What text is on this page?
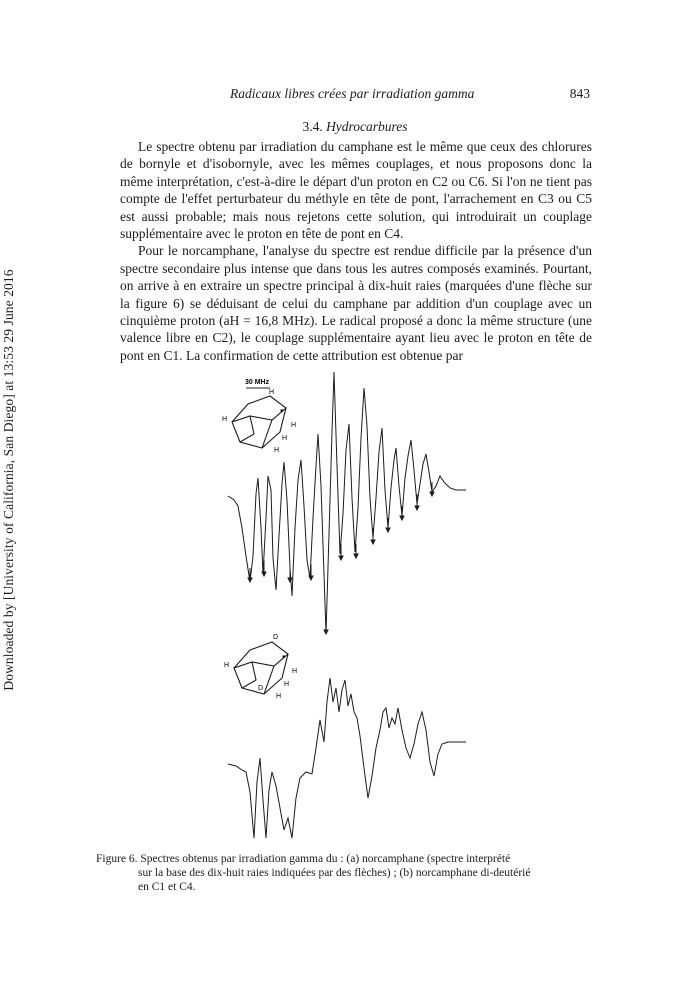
Downloaded by [University of California, San Diego] at 13:53 29 June 2016
Radicaux libres crées par irradiation gamma	843
3.4. Hydrocarbures

Le spectre obtenu par irradiation du camphane est le même que ceux des chlorures de bornyle et d'isobornyle, avec les mêmes couplages, et nous proposons donc la même interprétation, c'est-à-dire le départ d'un proton en C2 ou C6. Si l'on ne tient pas compte de l'effet perturbateur du méthyle en tête de pont, l'arrachement en C3 ou C5 est aussi probable; mais nous rejetons cette solution, qui introduirait un couplage supplémentaire avec le proton en tête de pont en C4.

Pour le norcamphane, l'analyse du spectre est rendue difficile par la présence d'un spectre secondaire plus intense que dans tous les autres composés examinés. Pourtant, on arrive à en extraire un spectre principal à dix-huit raies (marquées d'une flèche sur la figure 6) se déduisant de celui du camphane par addition d'un couplage avec un cinquième proton (aH = 16,8 MHz). Le radical proposé a donc la même structure (une valence libre en C2), le couplage supplémentaire ayant lieu avec le proton en tête de pont en C1. La confirmation de cette attribution est obtenue par

30 MHz
H
H
H
H
H
•
H
D
H
H
H
D
•
Figure 6. Spectres obtenus par irradiation gamma du : (a) norcamphane (spectre interprété
sur la base des dix-huit raies indiquées par des flèches) ; (b) norcamphane di-deutérié
en C1 et C4.
